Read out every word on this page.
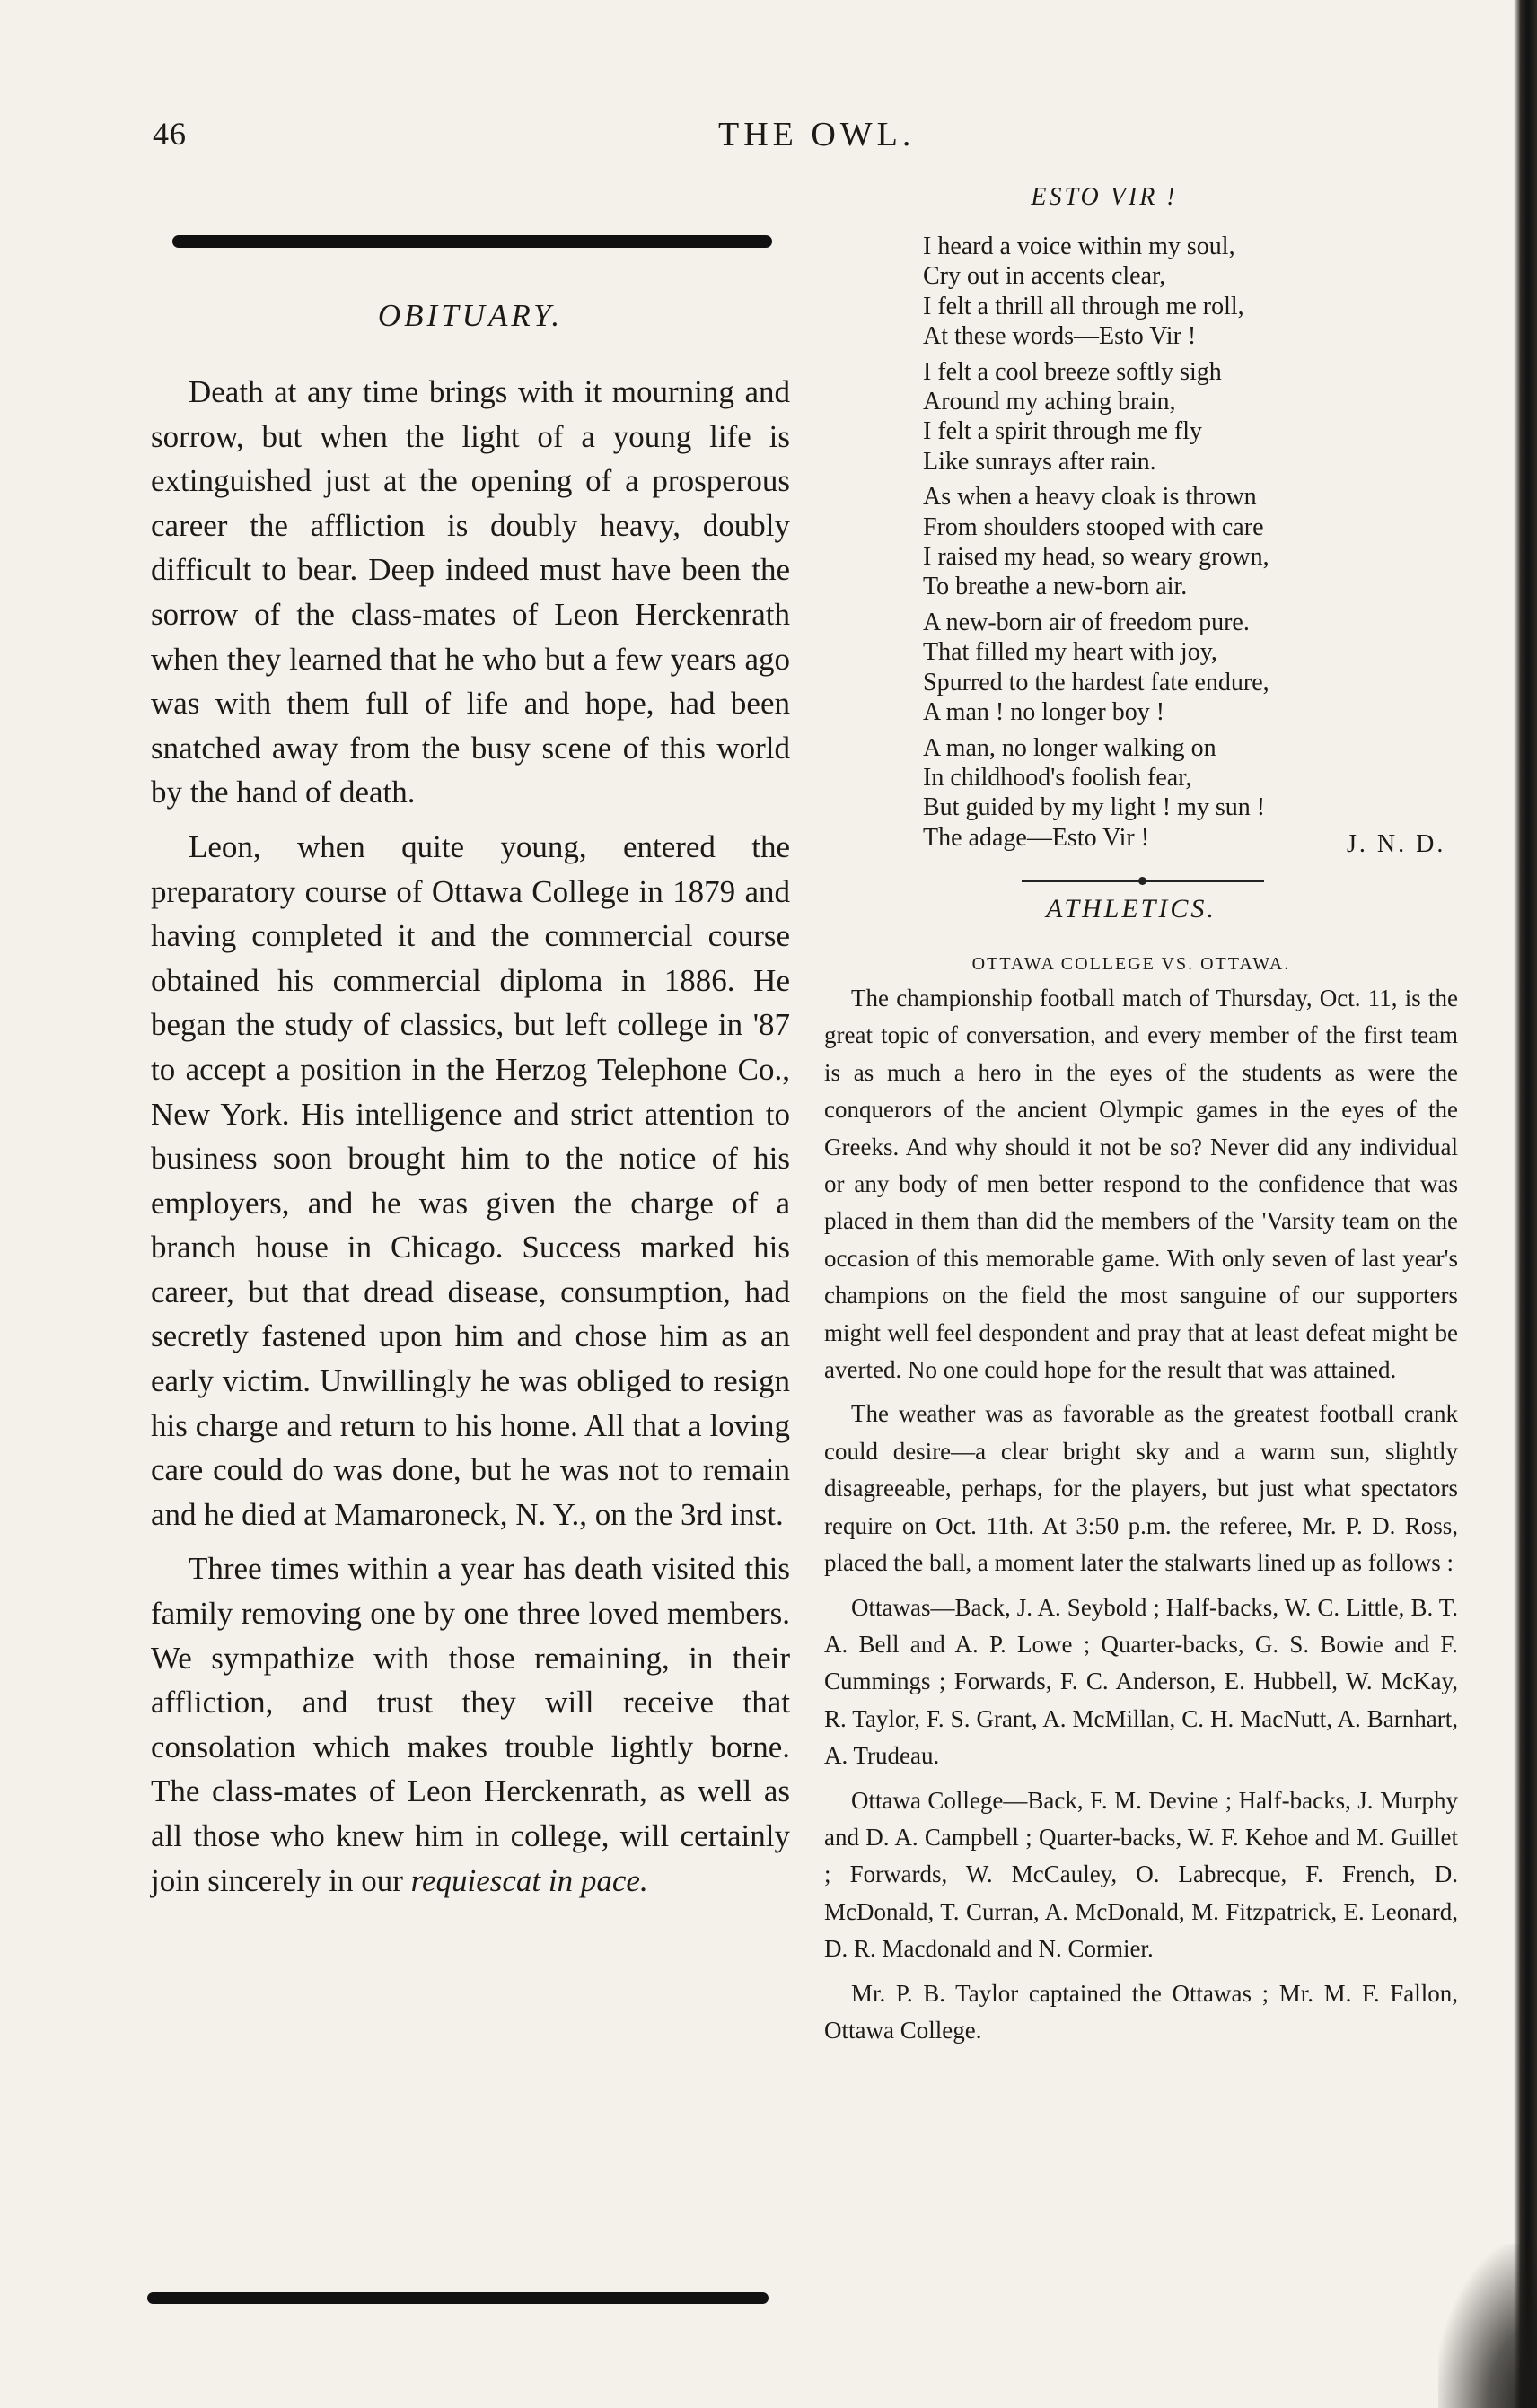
46	THE OWL.
OBITUARY.

Death at any time brings with it mourning and sorrow, but when the light of a young life is extinguished just at the opening of a prosperous career the affliction is doubly heavy, doubly difficult to bear. Deep indeed must have been the sorrow of the class-mates of Leon Herckenrath when they learned that he who but a few years ago was with them full of life and hope, had been snatched away from the busy scene of this world by the hand of death.

Leon, when quite young, entered the preparatory course of Ottawa College in 1879 and having completed it and the commercial course obtained his commercial diploma in 1886. He began the study of classics, but left college in '87 to accept a position in the Herzog Telephone Co., New York. His intelligence and strict attention to business soon brought him to the notice of his employers, and he was given the charge of a branch house in Chicago. Success marked his career, but that dread disease, consumption, had secretly fastened upon him and chose him as an early victim. Unwillingly he was obliged to resign his charge and return to his home. All that a loving care could do was done, but he was not to remain and he died at Mamaroneck, N. Y., on the 3rd inst.

Three times within a year has death visited this family removing one by one three loved members. We sympathize with those remaining, in their affliction, and trust they will receive that consolation which makes trouble lightly borne. The class-mates of Leon Herckenrath, as well as all those who knew him in college, will certainly join sincerely in our requiescat in pace.

ESTO VIR !
I heard a voice within my soul,
Cry out in accents clear,
I felt a thrill all through me roll,
At these words—Esto Vir !
I felt a cool breeze softly sigh
Around my aching brain,
I felt a spirit through me fly
Like sunrays after rain.
As when a heavy cloak is thrown
From shoulders stooped with care
I raised my head, so weary grown,
To breathe a new-born air.
A new-born air of freedom pure.
That filled my heart with joy,
Spurred to the hardest fate endure,
A man ! no longer boy !
A man, no longer walking on
In childhood's foolish fear,
But guided by my light ! my sun !
The adage—Esto Vir !	J. N. D.
ATHLETICS.
OTTAWA COLLEGE VS. OTTAWA.

The championship football match of Thursday, Oct. 11, is the great topic of conversation, and every member of the first team is as much a hero in the eyes of the students as were the conquerors of the ancient Olympic games in the eyes of the Greeks. And why should it not be so? Never did any individual or any body of men better respond to the confidence that was placed in them than did the members of the 'Varsity team on the occasion of this memorable game. With only seven of last year's champions on the field the most sanguine of our supporters might well feel despondent and pray that at least defeat might be averted. No one could hope for the result that was attained.

The weather was as favorable as the greatest football crank could desire—a clear bright sky and a warm sun, slightly disagreeable, perhaps, for the players, but just what spectators require on Oct. 11th. At 3:50 p.m. the referee, Mr. P. D. Ross, placed the ball, a moment later the stalwarts lined up as follows :

Ottawas—Back, J. A. Seybold ; Half-backs, W. C. Little, B. T. A. Bell and A. P. Lowe ; Quarter-backs, G. S. Bowie and F. Cummings ; Forwards, F. C. Anderson, E. Hubbell, W. McKay, R. Taylor, F. S. Grant, A. McMillan, C. H. MacNutt, A. Barnhart, A. Trudeau.

Ottawa College—Back, F. M. Devine ; Half-backs, J. Murphy and D. A. Campbell ; Quarter-backs, W. F. Kehoe and M. Guillet ; Forwards, W. McCauley, O. Labrecque, F. French, D. McDonald, T. Curran, A. McDonald, M. Fitzpatrick, E. Leonard, D. R. Macdonald and N. Cormier.

Mr. P. B. Taylor captained the Ottawas ; Mr. M. F. Fallon, Ottawa College.
